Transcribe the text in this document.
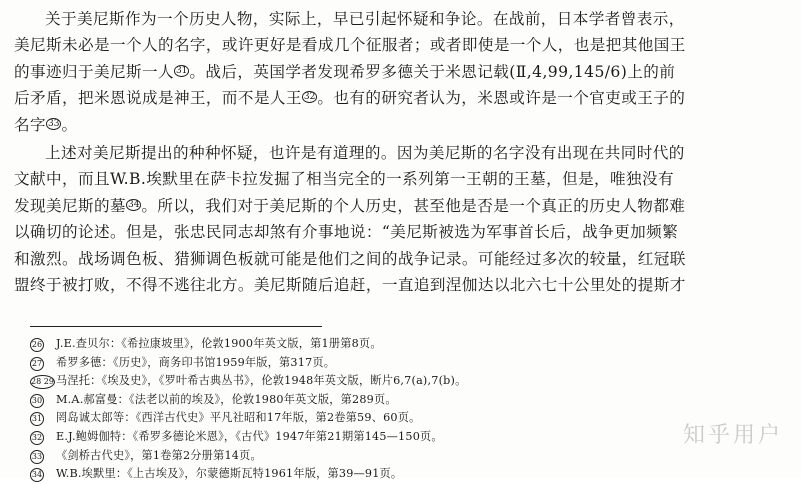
关于美尼斯作为一个历史人物，实际上，早已引起怀疑和争论。在战前，日本学者曾表示，
美尼斯未必是一个人的名字，或许更好是看成几个征服者；或者即使是一个人，也是把其他国王
的事迹归于美尼斯一人 $^{31}$ 。战后，英国学者发现希罗多德关于米恩记载(Ⅱ,4,99,145/6)上的前
后矛盾，把米恩说成是神王，而不是人王 $^{32}$ 。也有的研究者认为，米恩或许是一个官吏或王子的
名字 $^{33}$ 。

上述对美尼斯提出的种种怀疑，也许是有道理的。因为美尼斯的名字没有出现在共同时代的
文献中，而且W.B.埃默里在萨卡拉发掘了相当完全的一系列第一王朝的王墓，但是，唯独没有
发现美尼斯的墓 $^{34}$ 。所以，我们对于美尼斯的个人历史，甚至他是否是一个真正的历史人物都难
以确切的论述。但是，张忠民同志却煞有介事地说：“美尼斯被选为军事首长后，战争更加频繁
和激烈。战场调色板、猎狮调色板就可能是他们之间的战争记录。可能经过多次的较量，红冠联
盟终于被打败，不得不逃往北方。美尼斯随后追赶，一直追到涅伽达以北六七十公里处的提斯才

26	J.E.查贝尔：《希拉康坡里》，伦敦1900年英文版，第1册第8页。
27	希罗多德：《历史》，商务印书馆1959年版，第317页。
28 29 马涅托：《埃及史》，《罗叶希古典丛书》，伦敦1948年英文版，断片6,7(a),7(b)。
30	M.A.郝富曼：《法老以前的埃及》，伦敦1980年英文版，第289页。
31	罔岛诚太郎等：《西洋古代史》平凡社昭和17年版，第2卷第59、60页。
32	E.J.鲍姆伽特：《希罗多德论米恩》，《古代》1947年第21期第145—150页。
33	《剑桥古代史》，第1卷第2分册第14页。
34	W.B.埃默里：《上古埃及》，尔蒙德斯瓦特1961年版，第39—91页。
知乎用户
